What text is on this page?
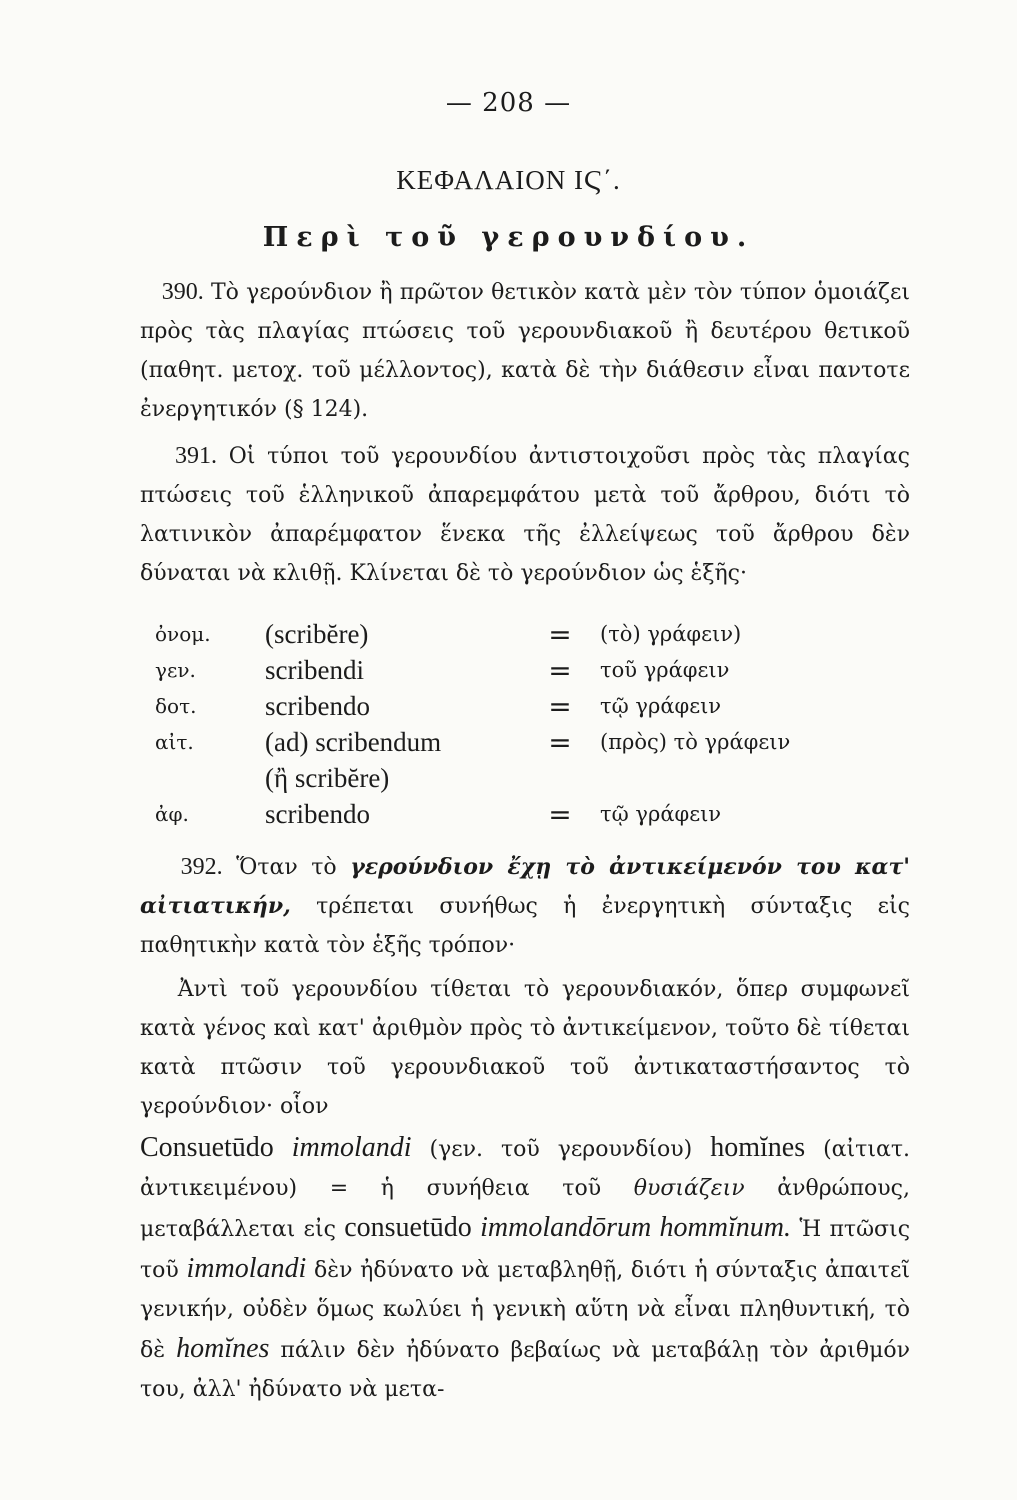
— 208 —
ΚΕΦΑΛΑΙΟΝ ΙϚ΄.
Περὶ τοῦ γερουνδίου.

390. Τὸ γερούνδιον ἢ πρῶτον θετικὸν κατὰ μὲν τὸν τύπον ὁμοιάζει πρὸς τὰς πλαγίας πτώσεις τοῦ γερουνδιακοῦ ἢ δευτέρου θετικοῦ (παθητ. μετοχ. τοῦ μέλλοντος), κατὰ δὲ τὴν διάθεσιν εἶναι παντοτε ἐνεργητικόν (§ 124).

391. Οἱ τύποι τοῦ γερουνδίου ἀντιστοιχοῦσι πρὸς τὰς πλαγίας πτώσεις τοῦ ἑλληνικοῦ ἀπαρεμφάτου μετὰ τοῦ ἄρθρου, διότι τὸ λατινικὸν ἀπαρέμφατον ἕνεκα τῆς ἐλλείψεως τοῦ ἄρθρου δὲν δύναται νὰ κλιθῇ. Κλίνεται δὲ τὸ γερούνδιον ὡς ἑξῆς·

ὀνομ.	(scribĕre)	=	(τὸ) γράφειν)
γεν.	scribendi	=	τοῦ γράφειν
δοτ.	scribendo	=	τῷ γράφειν
αἰτ.	(ad) scribendum	=	(πρὸς) τὸ γράφειν
	(ἢ scribĕre)		
ἀφ.	scribendo	=	τῷ γράφειν

392. Ὅταν τὸ γερούνδιον ἔχῃ τὸ ἀντικείμενόν του κατ' αἰτιατικήν, τρέπεται συνήθως ἡ ἐνεργητικὴ σύνταξις εἰς παθητικὴν κατὰ τὸν ἑξῆς τρόπον·

Ἀντὶ τοῦ γερουνδίου τίθεται τὸ γερουνδιακόν, ὅπερ συμφωνεῖ κατὰ γένος καὶ κατ' ἀριθμὸν πρὸς τὸ ἀντικείμενον, τοῦτο δὲ τίθεται κατὰ πτῶσιν τοῦ γερουνδιακοῦ τοῦ ἀντικαταστήσαντος τὸ γερούνδιον· οἷον

Consuetūdo immolandi (γεν. τοῦ γερουνδίου) homĭnes (αἰτιατ. ἀντικειμένου) = ἡ συνήθεια τοῦ θυσιάζειν ἀνθρώπους, μεταβάλλεται εἰς consuetūdo immolandōrum hommĭnum. Ἡ πτῶσις τοῦ immolandi δὲν ἠδύνατο νὰ μεταβληθῇ, διότι ἡ σύνταξις ἀπαιτεῖ γενικήν, οὐδὲν ὅμως κωλύει ἡ γενικὴ αὕτη νὰ εἶναι πληθυντική, τὸ δὲ homĭnes πάλιν δὲν ἠδύνατο βεβαίως νὰ μεταβάλῃ τὸν ἀριθμόν του, ἀλλ' ἠδύνατο νὰ μετα-
